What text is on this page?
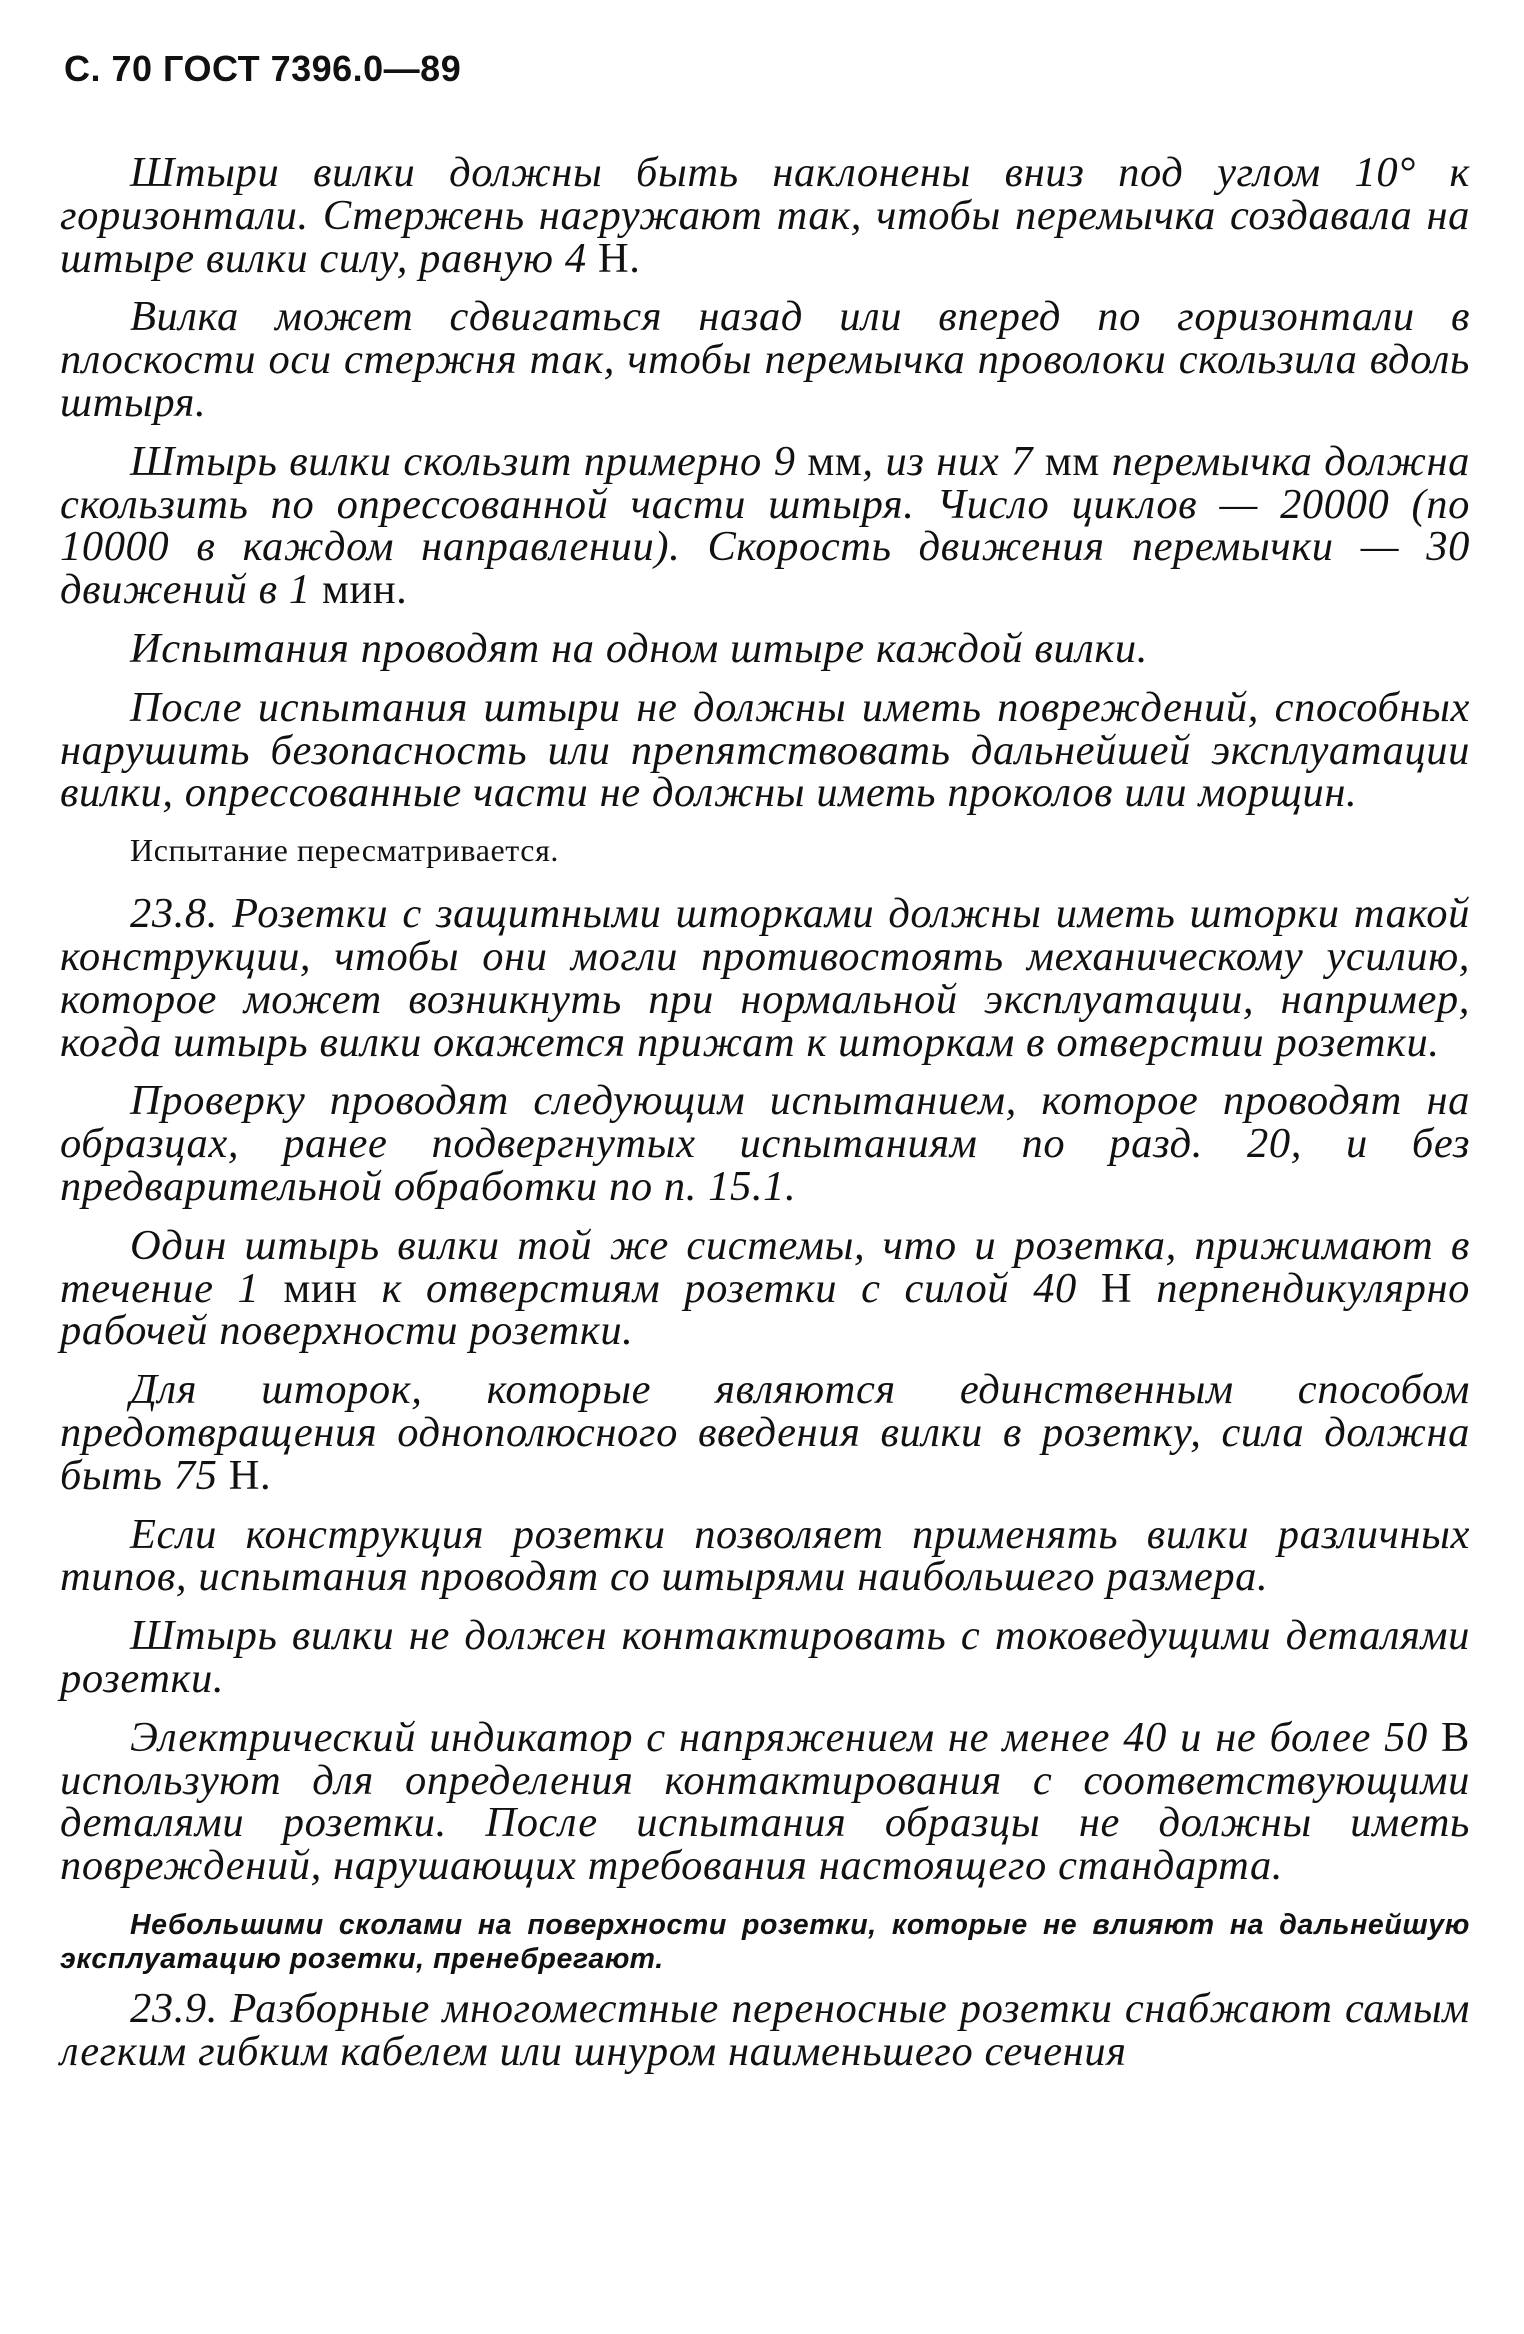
С. 70 ГОСТ 7396.0—89

Штыри вилки должны быть наклонены вниз под углом 10° к горизонтали. Стержень нагружают так, чтобы перемычка создавала на штыре вилки силу, равную 4 Н.

Вилка может сдвигаться назад или вперед по горизонтали в плоскости оси стержня так, чтобы перемычка проволоки скользила вдоль штыря.

Штырь вилки скользит примерно 9 мм, из них 7 мм перемычка должна скользить по опрессованной части штыря. Число циклов — 20000 (по 10000 в каждом направлении). Скорость движения перемычки — 30 движений в 1 мин.

Испытания проводят на одном штыре каждой вилки.

После испытания штыри не должны иметь повреждений, способных нарушить безопасность или препятствовать дальнейшей эксплуатации вилки, опрессованные части не должны иметь проколов или морщин.

Испытание пересматривается.

23.8. Розетки с защитными шторками должны иметь шторки такой конструкции, чтобы они могли противостоять механическому усилию, которое может возникнуть при нормальной эксплуатации, например, когда штырь вилки окажется прижат к шторкам в отверстии розетки.

Проверку проводят следующим испытанием, которое проводят на образцах, ранее подвергнутых испытаниям по разд. 20, и без предварительной обработки по п. 15.1.

Один штырь вилки той же системы, что и розетка, прижимают в течение 1 мин к отверстиям розетки с силой 40 Н перпендикулярно рабочей поверхности розетки.

Для шторок, которые являются единственным способом предотвращения однополюсного введения вилки в розетку, сила должна быть 75 Н.

Если конструкция розетки позволяет применять вилки различных типов, испытания проводят со штырями наибольшего размера.

Штырь вилки не должен контактировать с токоведущими деталями розетки.

Электрический индикатор с напряжением не менее 40 и не более 50 В используют для определения контактирования с соответствующими деталями розетки. После испытания образцы не должны иметь повреждений, нарушающих требования настоящего стандарта.

Небольшими сколами на поверхности розетки, которые не влияют на дальнейшую эксплуатацию розетки, пренебрегают.

23.9. Разборные многоместные переносные розетки снабжают самым легким гибким кабелем или шнуром наименьшего сечения
